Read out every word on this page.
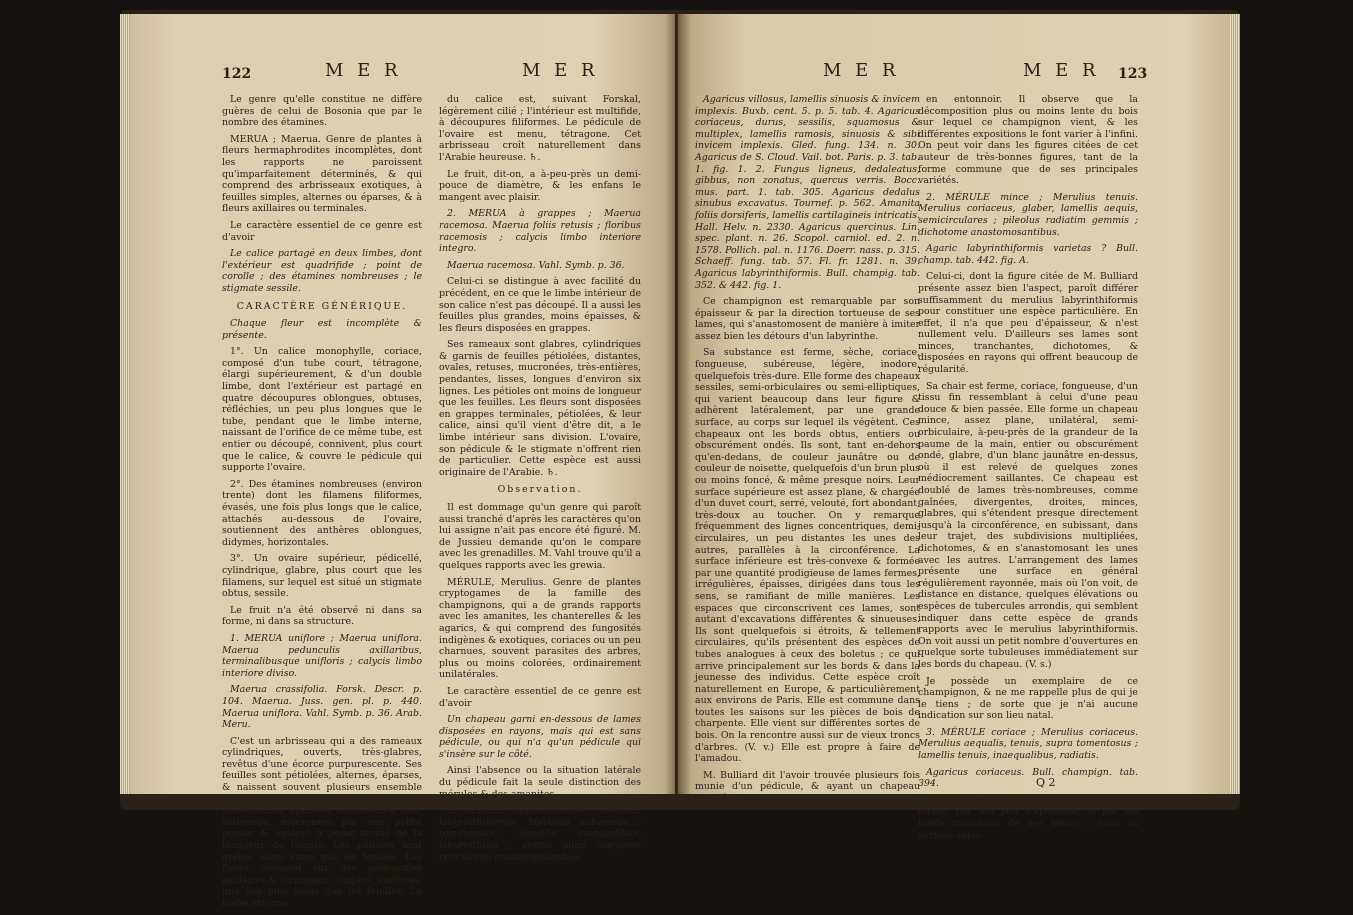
122	M E R	M E R

Le genre qu'elle constitue ne diffère guères de celui de Bosonia que par le nombre des étamines.

MERUA ; Maerua. Genre de plantes à fleurs hermaphrodites incomplètes, dont les rapports ne paroissent qu'imparfaitement déterminés, & qui comprend des arbrisseaux exotiques, à feuilles simples, alternes ou éparses, & à fleurs axillaires ou terminales.

Le caractère essentiel de ce genre est d'avoir

Le calice partagé en deux limbes, dont l'extérieur est quadrifide ; point de corolle ; des étamines nombreuses ; le stigmate sessile.

CARACTÈRE GÉNÉRIQUE.

Chaque fleur est incomplète & présente.

1°. Un calice monophylle, coriace, composé d'un tube court, tétragone, élargi supérieurement, & d'un double limbe, dont l'extérieur est partagé en quatre découpures oblongues, obtuses, réfléchies, un peu plus longues que le tube, pendant que le limbe interne, naissant de l'orifice de ce même tube, est entier ou découpé, connivent, plus court que le calice, & couvre le pédicule qui supporte l'ovaire.

2°. Des étamines nombreuses (environ trente) dont les filamens filiformes, évasés, une fois plus longs que le calice, attachés au-dessous de l'ovaire, soutiennent des anthères oblongues, didymes, horizontales.

3°. Un ovaire supérieur, pédicellé, cylindrique, glabre, plus court que les filamens, sur lequel est situé un stigmate obtus, sessile.

Le fruit n'a été observé ni dans sa forme, ni dans sa structure.

1. MERUA uniflore ; Maerua uniflora. Maerua pedunculis axillaribus, terminalibusque unifloris ; calycis limbo interiore diviso.

Maerua crassifolia. Forsk. Descr. p. 104. Maerua. Juss. gen. pl. p. 440. Maerua uniflora. Vahl. Symb. p. 36. Arab. Meru.

C'est un arbrisseau qui a des rameaux cylindriques, ouverts, très-glabres, revêtus d'une écorce purpurescente. Ses feuilles sont pétiolées, alternes, éparses, & naissent souvent plusieurs ensemble du même bourgeon. Elles sont ovales, très-entières, épaisses, succulentes, non-veineuses, mucronées par une petite pointe, & égalent à peine moitié de la longueur de l'ongle. Les pétioles sont grêles, aussi longs que les feuilles. Les fleurs viennent sur des pédoncules axillaires & terminaux, simples, uniflores, une fois plus longs que les feuilles. Le limbe externe

du calice est, suivant Forskal, légèrement cilié ; l'intérieur est multifide, à découpures filiformes. Le pédicule de l'ovaire est menu, tétragone. Cet arbrisseau croît naturellement dans l'Arabie heureuse. ♄.

Le fruit, dit-on, a à-peu-près un demi-pouce de diamètre, & les enfans le mangent avec plaisir.

2. MERUA à grappes ; Maerua racemosa. Maerua foliis retusis ; floribus racemosis ; calycis limbo interiore integro.

Maerua racemosa. Vahl. Symb. p. 36.

Celui-ci se distingue à avec facilité du précédent, en ce que le limbe intérieur de son calice n'est pas découpé. Il a aussi les feuilles plus grandes, moins épaisses, & les fleurs disposées en grappes.

Ses rameaux sont glabres, cylindriques & garnis de feuilles pétiolées, distantes, ovales, retuses, mucronées, très-entières, pendantes, lisses, longues d'environ six lignes. Les pétioles ont moins de longueur que les feuilles. Les fleurs sont disposées en grappes terminales, pétiolées, & leur calice, ainsi qu'il vient d'être dit, a le limbe intérieur sans division. L'ovaire, son pédicule & le stigmate n'offrent rien de particulier. Cette espèce est aussi originaire de l'Arabie. ♄.

Observation.

Il est dommage qu'un genre qui paroît aussi tranché d'après les caractères qu'on lui assigne n'ait pas encore été figuré. M. de Jussieu demande qu'on le compare avec les grenadilles. M. Vahl trouve qu'il a quelques rapports avec les grewia.

MÉRULE, Merulius. Genre de plantes cryptogames de la famille des champignons, qui a de grands rapports avec les amanites, les chanterelles & les agarics, & qui comprend des fungosités indigènes & exotiques, coriaces ou un peu charnues, souvent parasites des arbres, plus ou moins colorées, ordinairement unilatérales.

Le caractère essentiel de ce genre est d'avoir

Un chapeau garni en-dessous de lames disposées en rayons, mais qui est sans pédicule, ou qui n'a qu'un pédicule qui s'insère sur le côté.

Ainsi l'absence ou la situation latérale du pédicule fait la seule distinction des mérules & des amanites.

1. MÉRULE labyrinthiforme ; Merulius labyrinthiformis. Merulius suberosus ; tomentosus, lamellis inaequalibus, labyrinthicis ; veritis pileo marginee reticulatim anastomosantibus.

M E R	M E R 123

Agaricus villosus, lamellis sinuosis & invicem implexis. Buxb. cent. 5. p. 5. tab. 4. Agaricus coriaceus, durus, sessilis, squamosus & multiplex, lamellis ramosis, sinuosis & sibi invicem implexis. Gled. fung. 134. n. 30. Agaricus de S. Cloud. Vail. bot. Paris. p. 3. tab. 1. fig. 1. 2. Fungus ligneus, dedaleatus, gibbus, non zonatus, quercus verris. Bocc. mus. part. 1. tab. 305. Agaricus dedalus sinubus excavatus. Tournef. p. 562. Amanita foliis dorsiferis, lamellis cartilagineis intricatis. Hall. Helv. n. 2330. Agaricus quercinus. Lin. spec. plant. n. 26. Scopol. carniol. ed. 2. n. 1578. Pollich. pal. n. 1176. Doerr. nass. p. 315. Schaeff. fung. tab. 57. Fl. fr. 1281. n. 39. Agaricus labyrinthiformis. Bull. champig. tab. 352. & 442. fig. 1.

Ce champignon est remarquable par son épaisseur & par la direction tortueuse de ses lames, qui s'anastomosent de manière à imiter assez bien les détours d'un labyrinthe.

Sa substance est ferme, sèche, coriace, fongueuse, subéreuse, légère, inodore, quelquefois très-dure. Elle forme des chapeaux sessiles, semi-orbiculaires ou semi-elliptiques, qui varient beaucoup dans leur figure & adhèrent latéralement, par une grande surface, au corps sur lequel ils végètent. Ces chapeaux ont les bords obtus, entiers ou obscurément ondés. Ils sont, tant en-dehors qu'en-dedans, de couleur jaunâtre ou de couleur de noisette, quelquefois d'un brun plus ou moins foncé, & même presque noirs. Leur surface supérieure est assez plane, & chargée d'un duvet court, serré, velouté, fort abondant, très-doux au toucher. On y remarque fréquemment des lignes concentriques, demi-circulaires, un peu distantes les unes des autres, parallèles à la circonférence. La surface inférieure est très-convexe & formée par une quantité prodigieuse de lames fermes, irrégulières, épaisses, dirigées dans tous les sens, se ramifiant de mille manières. Les espaces que circonscrivent ces lames, sont autant d'excavations différentes & sinueuses. Ils sont quelquefois si étroits, & tellement circulaires, qu'ils présentent des espèces de tubes analogues à ceux des boletus ; ce qui arrive principalement sur les bords & dans la jeunesse des individus. Cette espèce croît naturellement en Europe, & particulièrement aux environs de Paris. Elle est commune dans toutes les saisons sur les pièces de bois de charpente. Elle vient sur différentes sortes de bois. On la rencontre aussi sur de vieux troncs d'arbres. (V. v.) Elle est propre à faire de l'amadou.

M. Bulliard dit l'avoir trouvée plusieurs fois munie d'un pédicule, & ayant un chapeau creusé

en entonnoir. Il observe que la décomposition plus ou moins lente du bois sur lequel ce champignon vient, & les différentes expositions le font varier à l'infini. On peut voir dans les figures citées de cet auteur de très-bonnes figures, tant de la forme commune que de ses principales variétés.

2. MÉRULE mince ; Merulius tenuis. Merulius coriaceus, glaber, lamellis aequis, semicirculares ; pileolus radiatim gemmis ; dichotome anastomosantibus.

Agaric labyrinthiformis varietas ? Bull. champ. tab. 442. fig. A.

Celui-ci, dont la figure citée de M. Bulliard présente assez bien l'aspect, paroît différer suffisamment du merulius labyrinthiformis pour constituer une espèce particulière. En effet, il n'a que peu d'épaisseur, & n'est nullement velu. D'ailleurs ses lames sont minces, tranchantes, dichotomes, & disposées en rayons qui offrent beaucoup de régularité.

Sa chair est ferme, coriace, fongueuse, d'un tissu fin ressemblant à celui d'une peau douce & bien passée. Elle forme un chapeau mince, assez plane, unilatéral, semi-orbiculaire, à-peu-près de la grandeur de la paume de la main, entier ou obscurément ondé, glabre, d'un blanc jaunâtre en-dessus, où il est relevé de quelques zones médiocrement saillantes. Ce chapeau est doublé de lames très-nombreuses, comme gaînées, divergentes, droites, minces, glabres, qui s'étendent presque directement jusqu'à la circonférence, en subissant, dans leur trajet, des subdivisions multipliées, dichotomes, & en s'anastomosant les unes avec les autres. L'arrangement des lames présente une surface en général régulièrement rayonnée, mais où l'on voit, de distance en distance, quelques élévations ou espèces de tubercules arrondis, qui semblent indiquer dans cette espèce de grands rapports avec le merulius labyrinthiformis. On voit aussi un petit nombre d'ouvertures en quelque sorte tubuleuses immédiatement sur les bords du chapeau. (V. s.)

Je possède un exemplaire de ce champignon, & ne me rappelle plus de qui je le tiens ; de sorte que je n'ai aucune indication sur son lieu natal.

3. MÉRULE coriace ; Merulius coriaceus. Merulius aequalis, tenuis, supra tomentosus ; lamellis tenuis, inaequalibus, radiatis.

Agaricus coriaceus. Bull. champign. tab. 394.

Il se rapproche du merulius tenuis par sa forme, par son peu d'épaisseur, & par les bords tranchans de ses lames ; mais sa surface supé-

Q 2
